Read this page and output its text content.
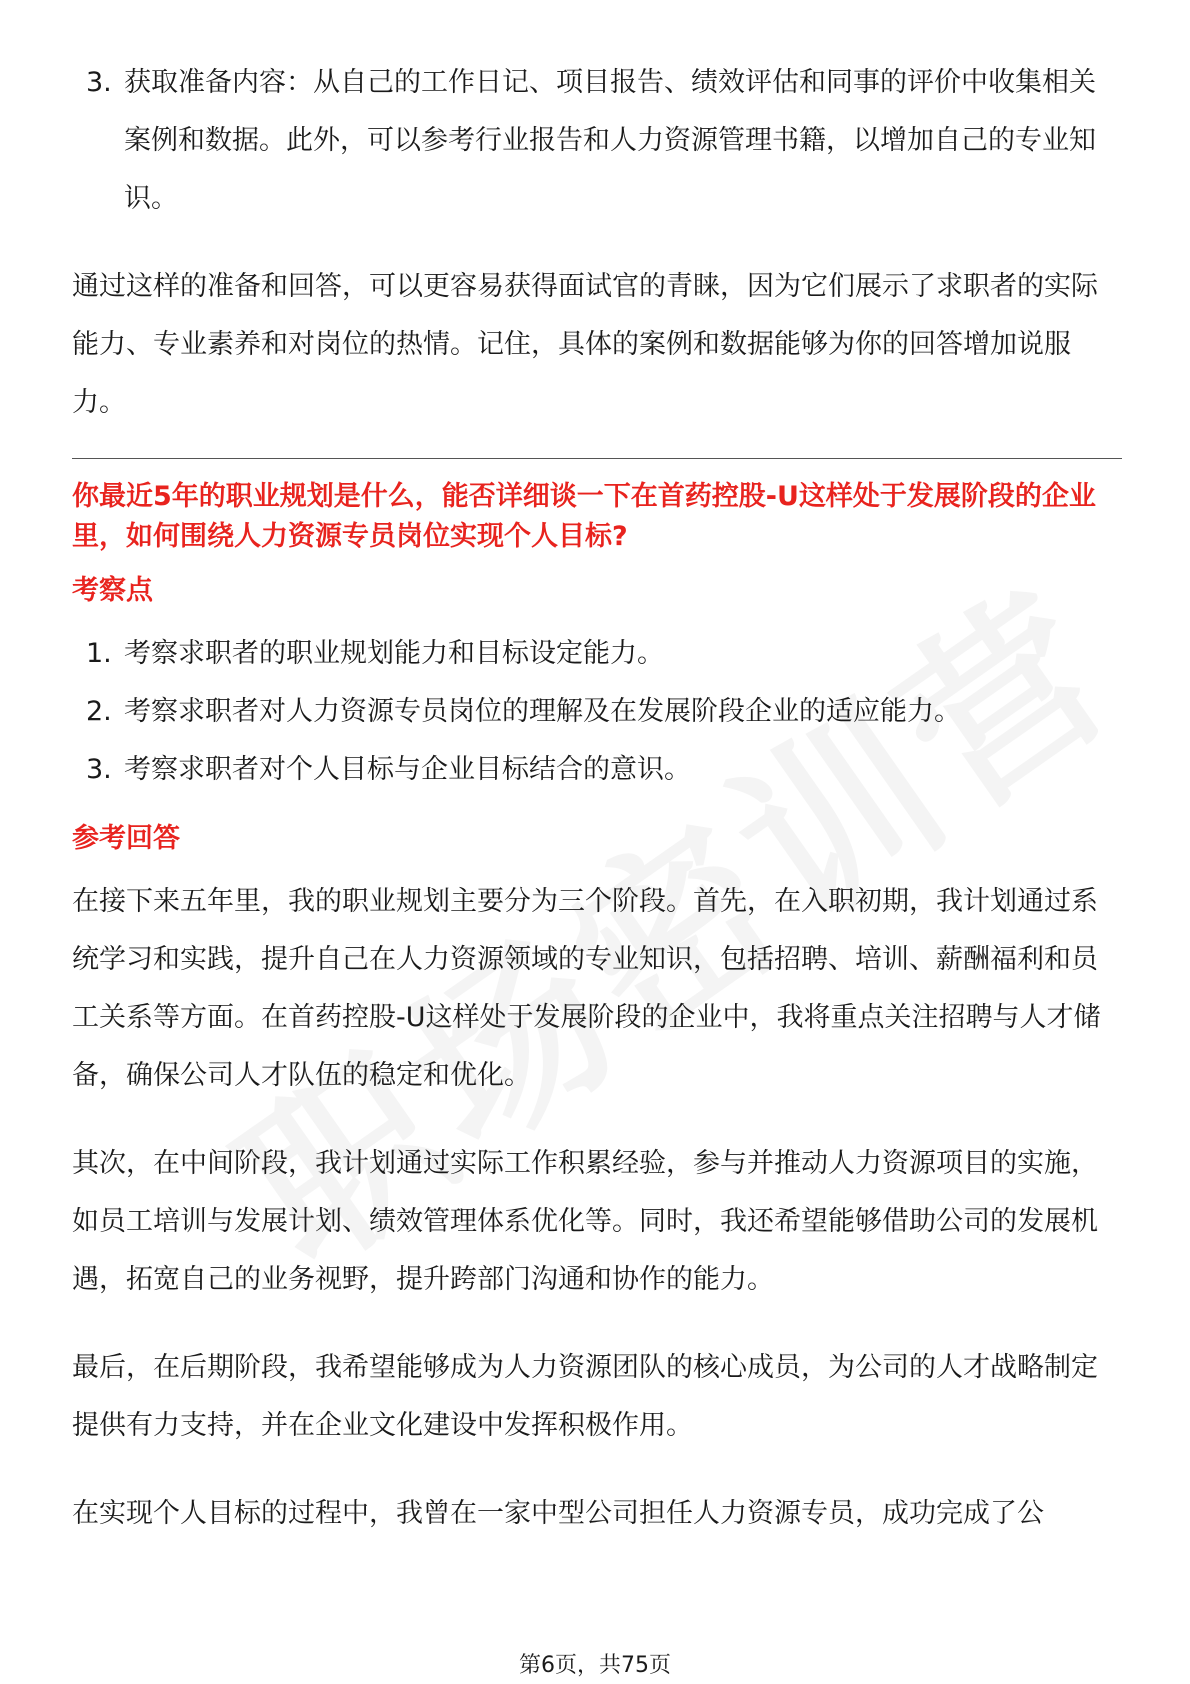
3. 获取准备内容：从自己的工作日记、项目报告、绩效评估和同事的评价中收集相关案例和数据。此外，可以参考行业报告和人力资源管理书籍，以增加自己的专业知识。

通过这样的准备和回答，可以更容易获得面试官的青睐，因为它们展示了求职者的实际能力、专业素养和对岗位的热情。记住，具体的案例和数据能够为你的回答增加说服力。

你最近5年的职业规划是什么，能否详细谈一下在首药控股-U这样处于发展阶段的企业里，如何围绕人力资源专员岗位实现个人目标?

考察点
1. 考察求职者的职业规划能力和目标设定能力。
2. 考察求职者对人力资源专员岗位的理解及在发展阶段企业的适应能力。
3. 考察求职者对个人目标与企业目标结合的意识。
参考回答

在接下来五年里，我的职业规划主要分为三个阶段。首先，在入职初期，我计划通过系统学习和实践，提升自己在人力资源领域的专业知识，包括招聘、培训、薪酬福利和员工关系等方面。在首药控股-U这样处于发展阶段的企业中，我将重点关注招聘与人才储备，确保公司人才队伍的稳定和优化。

其次，在中间阶段，我计划通过实际工作积累经验，参与并推动人力资源项目的实施，如员工培训与发展计划、绩效管理体系优化等。同时，我还希望能够借助公司的发展机遇，拓宽自己的业务视野，提升跨部门沟通和协作的能力。

最后，在后期阶段，我希望能够成为人力资源团队的核心成员，为公司的人才战略制定提供有力支持，并在企业文化建设中发挥积极作用。

在实现个人目标的过程中，我曾在一家中型公司担任人力资源专员，成功完成了公

第6页，共75页
